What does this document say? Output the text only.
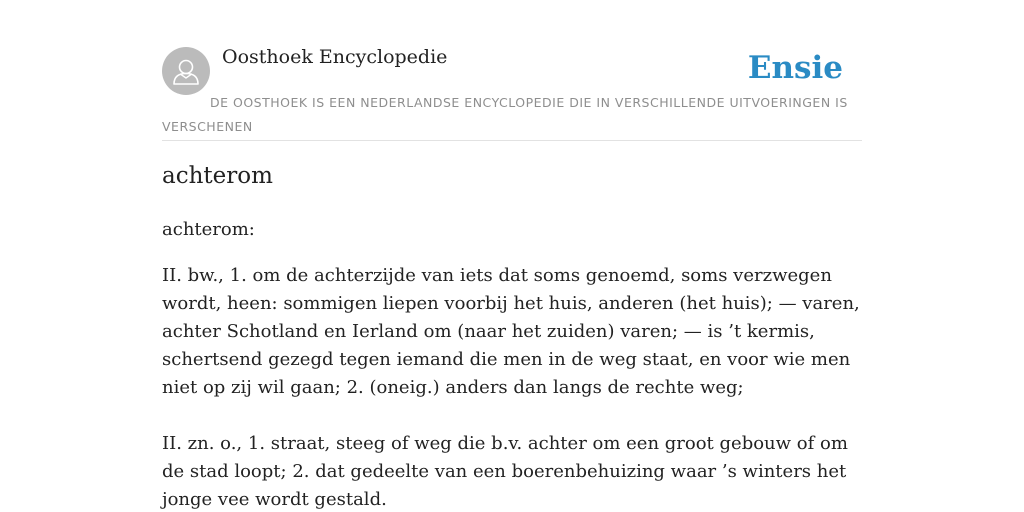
Oosthoek Encyclopedie	Ensie
DE OOSTHOEK IS EEN NEDERLANDSE ENCYCLOPEDIE DIE IN VERSCHILLENDE UITVOERINGEN IS VERSCHENEN
achterom

achterom:

II. bw., 1. om de achterzijde van iets dat soms genoemd, soms verzwegen wordt, heen: sommigen liepen voorbij het huis, anderen (het huis); — varen, achter Schotland en Ierland om (naar het zuiden) varen; — is ’t kermis, schertsend gezegd tegen iemand die men in de weg staat, en voor wie men niet op zij wil gaan; 2. (oneig.) anders dan langs de rechte weg;

II. zn. o., 1. straat, steeg of weg die b.v. achter om een groot gebouw of om de stad loopt; 2. dat gedeelte van een boerenbehuizing waar ’s winters het jonge vee wordt gestald.
